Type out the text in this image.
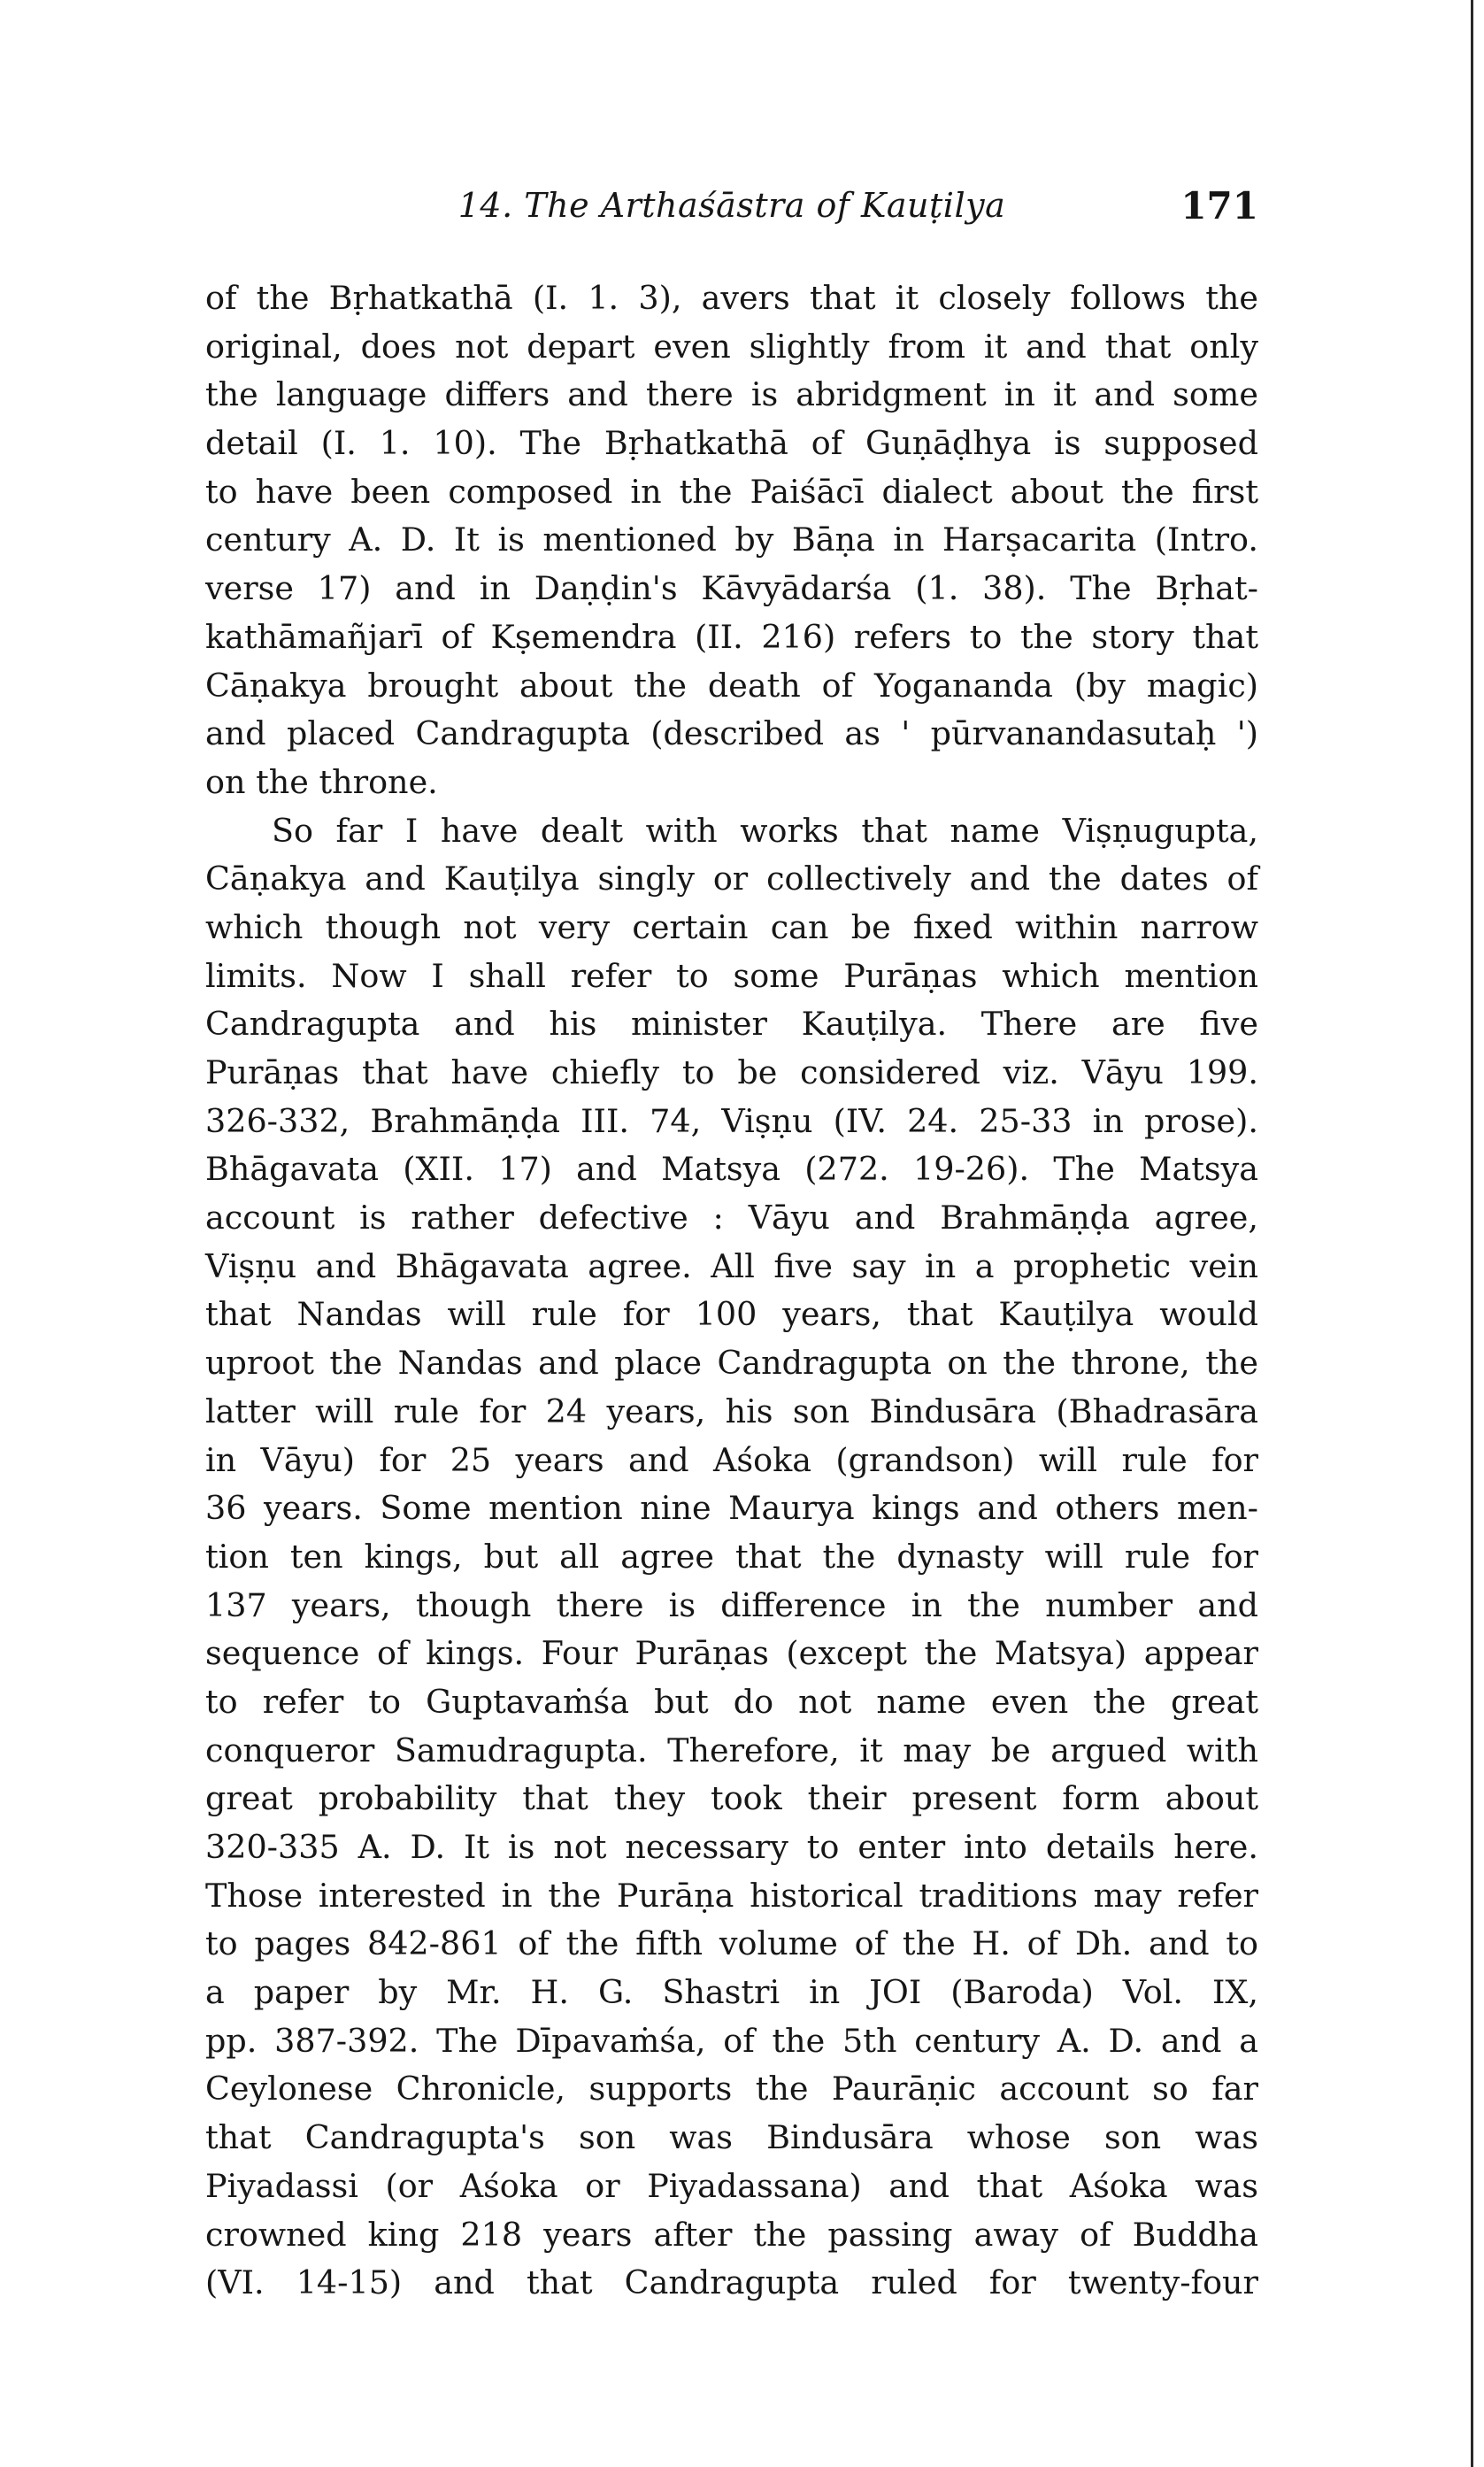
14. The Arthaśāstra of Kauṭilya	171
of the Bṛhatkathā (I. 1. 3), avers that it closely follows the
original, does not depart even slightly from it and that only
the language differs and there is abridgment in it and some
detail (I. 1. 10). The Bṛhatkathā of Guṇāḍhya is supposed
to have been composed in the Paiśācī dialect about the first
century A. D. It is mentioned by Bāṇa in Harṣacarita (Intro.
verse 17) and in Daṇḍin's Kāvyādarśa (1. 38). The Bṛhat-
kathāmañjarī of Kṣemendra (II. 216) refers to the story that
Cāṇakya brought about the death of Yogananda (by magic)
and placed Candragupta (described as ' pūrvanandasutaḥ ')
on the throne.
So far I have dealt with works that name Viṣṇugupta,
Cāṇakya and Kauṭilya singly or collectively and the dates of
which though not very certain can be fixed within narrow
limits. Now I shall refer to some Purāṇas which mention
Candragupta and his minister Kauṭilya. There are five
Purāṇas that have chiefly to be considered viz. Vāyu 199.
326-332, Brahmāṇḍa III. 74, Viṣṇu (IV. 24. 25-33 in prose).
Bhāgavata (XII. 17) and Matsya (272. 19-26). The Matsya
account is rather defective : Vāyu and Brahmāṇḍa agree,
Viṣṇu and Bhāgavata agree. All five say in a prophetic vein
that Nandas will rule for 100 years, that Kauṭilya would
uproot the Nandas and place Candragupta on the throne, the
latter will rule for 24 years, his son Bindusāra (Bhadrasāra
in Vāyu) for 25 years and Aśoka (grandson) will rule for
36 years. Some mention nine Maurya kings and others men-
tion ten kings, but all agree that the dynasty will rule for
137 years, though there is difference in the number and
sequence of kings. Four Purāṇas (except the Matsya) appear
to refer to Guptavaṁśa but do not name even the great
conqueror Samudragupta. Therefore, it may be argued with
great probability that they took their present form about
320-335 A. D. It is not necessary to enter into details here.
Those interested in the Purāṇa historical traditions may refer
to pages 842-861 of the fifth volume of the H. of Dh. and to
a paper by Mr. H. G. Shastri in JOI (Baroda) Vol. IX,
pp. 387-392. The Dīpavaṁśa, of the 5th century A. D. and a
Ceylonese Chronicle, supports the Paurāṇic account so far
that Candragupta's son was Bindusāra whose son was
Piyadassi (or Aśoka or Piyadassana) and that Aśoka was
crowned king 218 years after the passing away of Buddha
(VI. 14-15) and that Candragupta ruled for twenty-four
